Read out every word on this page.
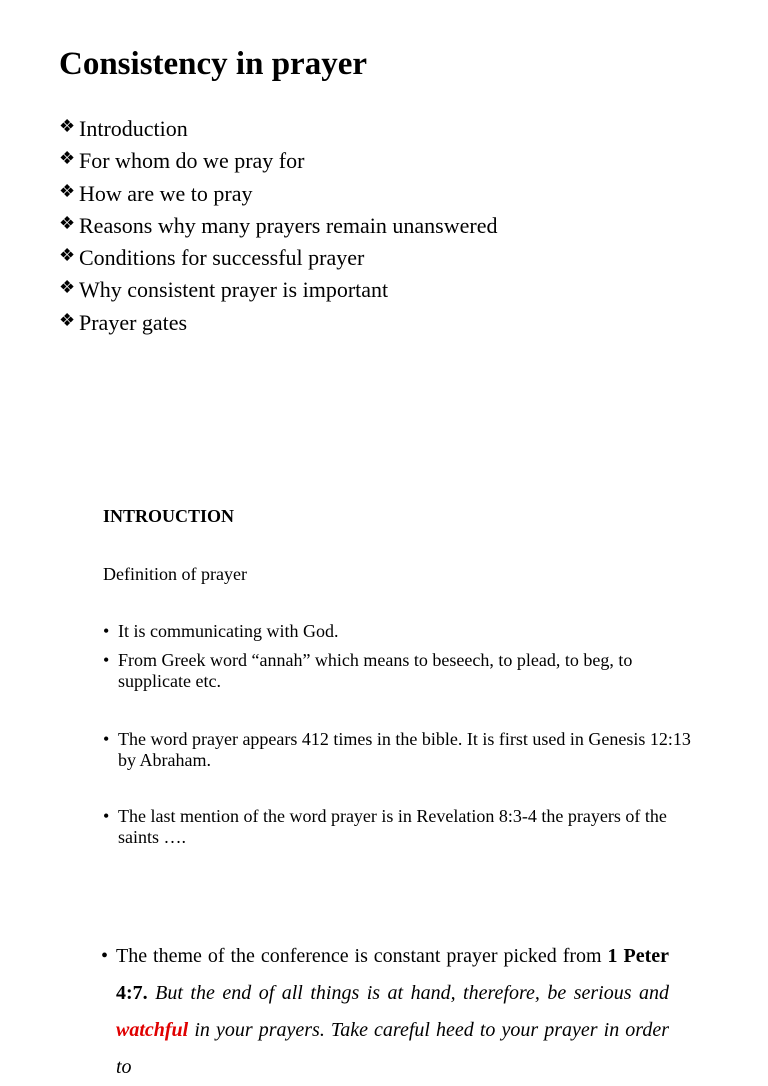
Consistency in prayer
❖ Introduction
❖ For whom do we pray for
❖ How are we to pray
❖ Reasons why many prayers remain unanswered
❖ Conditions for successful prayer
❖ Why consistent prayer is important
❖ Prayer gates
INTROUCTION
Definition of prayer
• It is communicating with God.
• From Greek word “annah” which means to beseech, to plead, to beg, to supplicate etc.
• The word prayer appears 412 times in the bible. It is first used in Genesis 12:13 by Abraham.
• The last mention of the word prayer is in Revelation 8:3-4 the prayers of the saints ….
• The theme of the conference is constant prayer picked from 1 Peter 4:7. But the end of all things is at hand, therefore, be serious and watchful in your prayers. Take careful heed to your prayer in order to
